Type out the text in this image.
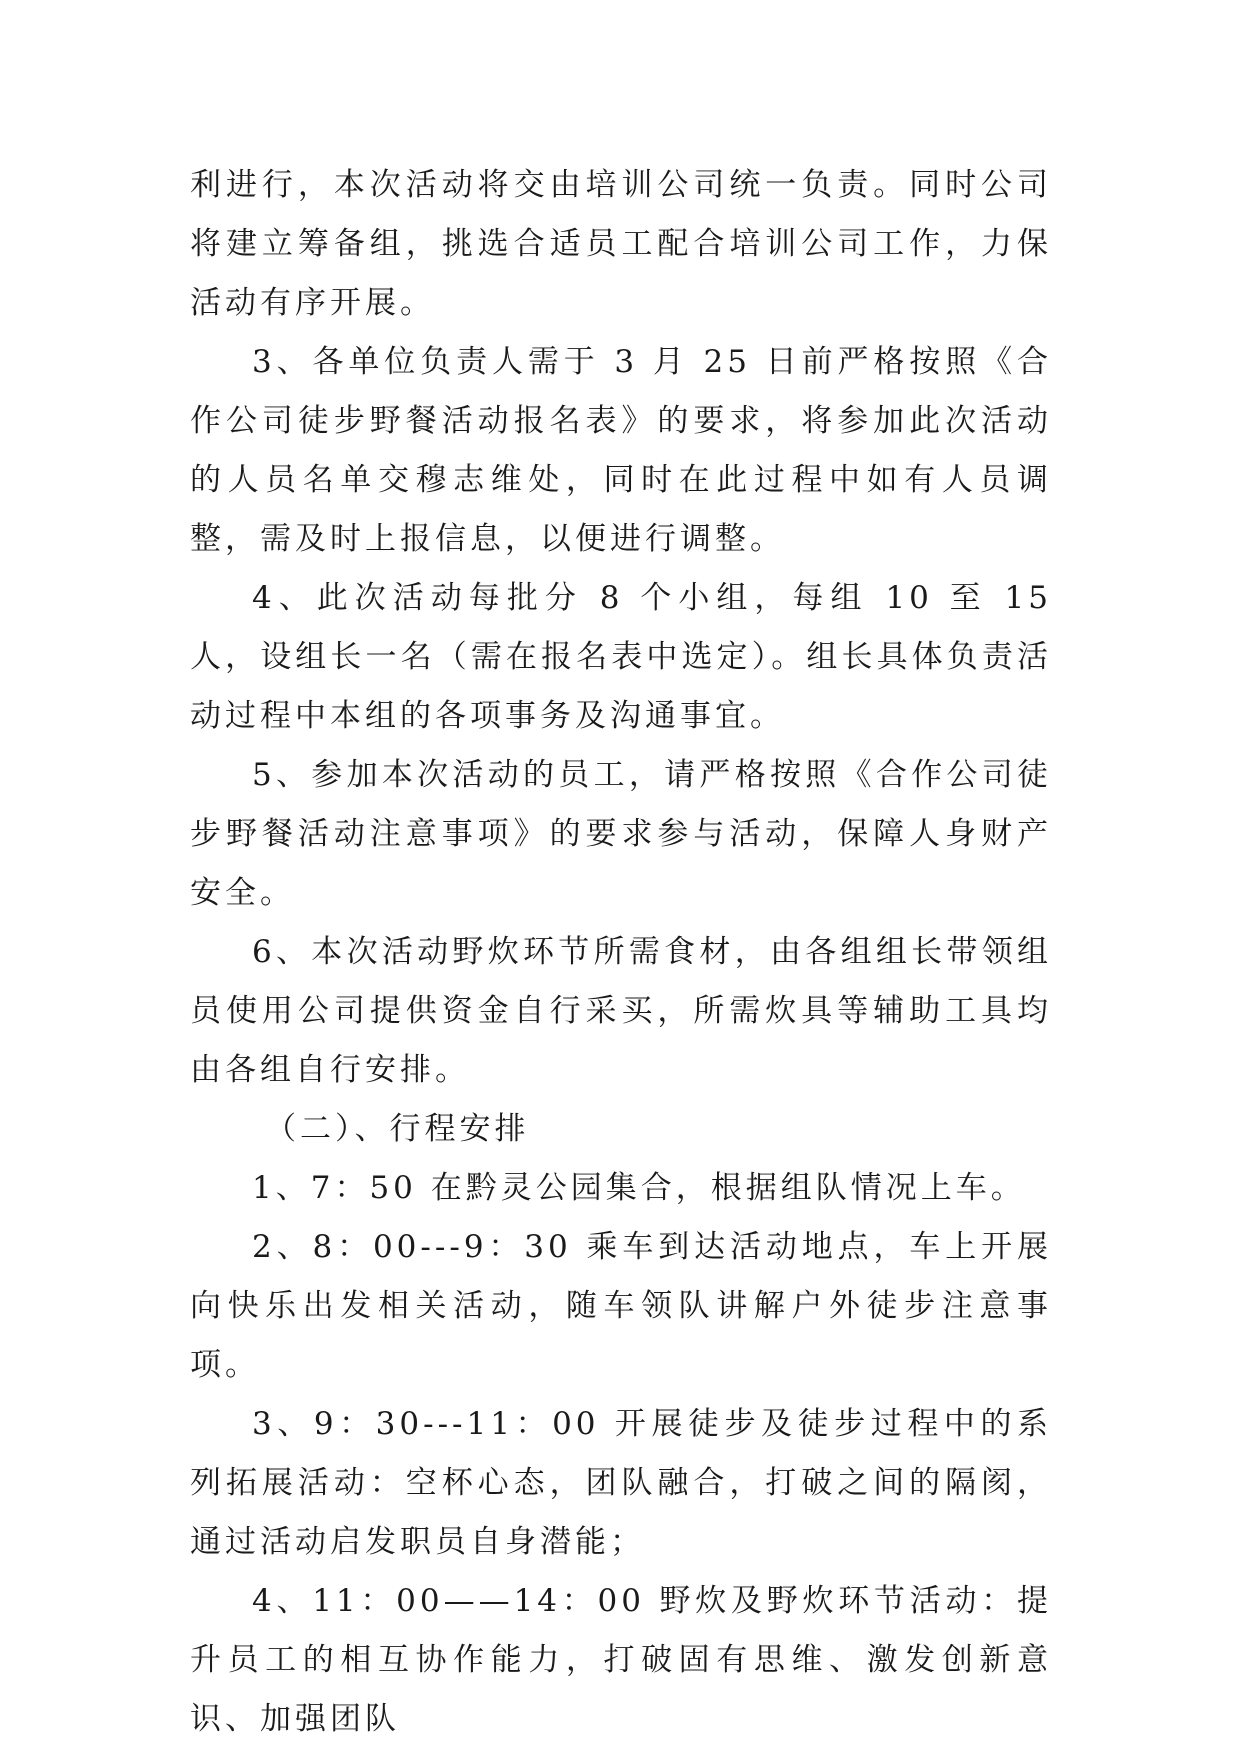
利进行，本次活动将交由培训公司统一负责。同时公司将建立筹备组，挑选合适员工配合培训公司工作，力保活动有序开展。

3、各单位负责人需于 3 月 25 日前严格按照《合作公司徒步野餐活动报名表》的要求，将参加此次活动的人员名单交穆志维处，同时在此过程中如有人员调整，需及时上报信息，以便进行调整。

4、此次活动每批分 8 个小组，每组 10 至 15 人，设组长一名（需在报名表中选定）。组长具体负责活动过程中本组的各项事务及沟通事宜。

5、参加本次活动的员工，请严格按照《合作公司徒步野餐活动注意事项》的要求参与活动，保障人身财产安全。

6、本次活动野炊环节所需食材，由各组组长带领组员使用公司提供资金自行采买，所需炊具等辅助工具均由各组自行安排。

（二）、行程安排

1、7：50 在黔灵公园集合，根据组队情况上车。

2、8：00---9：30 乘车到达活动地点，车上开展向快乐出发相关活动，随车领队讲解户外徒步注意事项。

3、9：30---11：00 开展徒步及徒步过程中的系列拓展活动：空杯心态，团队融合，打破之间的隔阂，通过活动启发职员自身潜能；

4、11：00——14：00 野炊及野炊环节活动：提升员工的相互协作能力，打破固有思维、激发创新意识、加强团队
